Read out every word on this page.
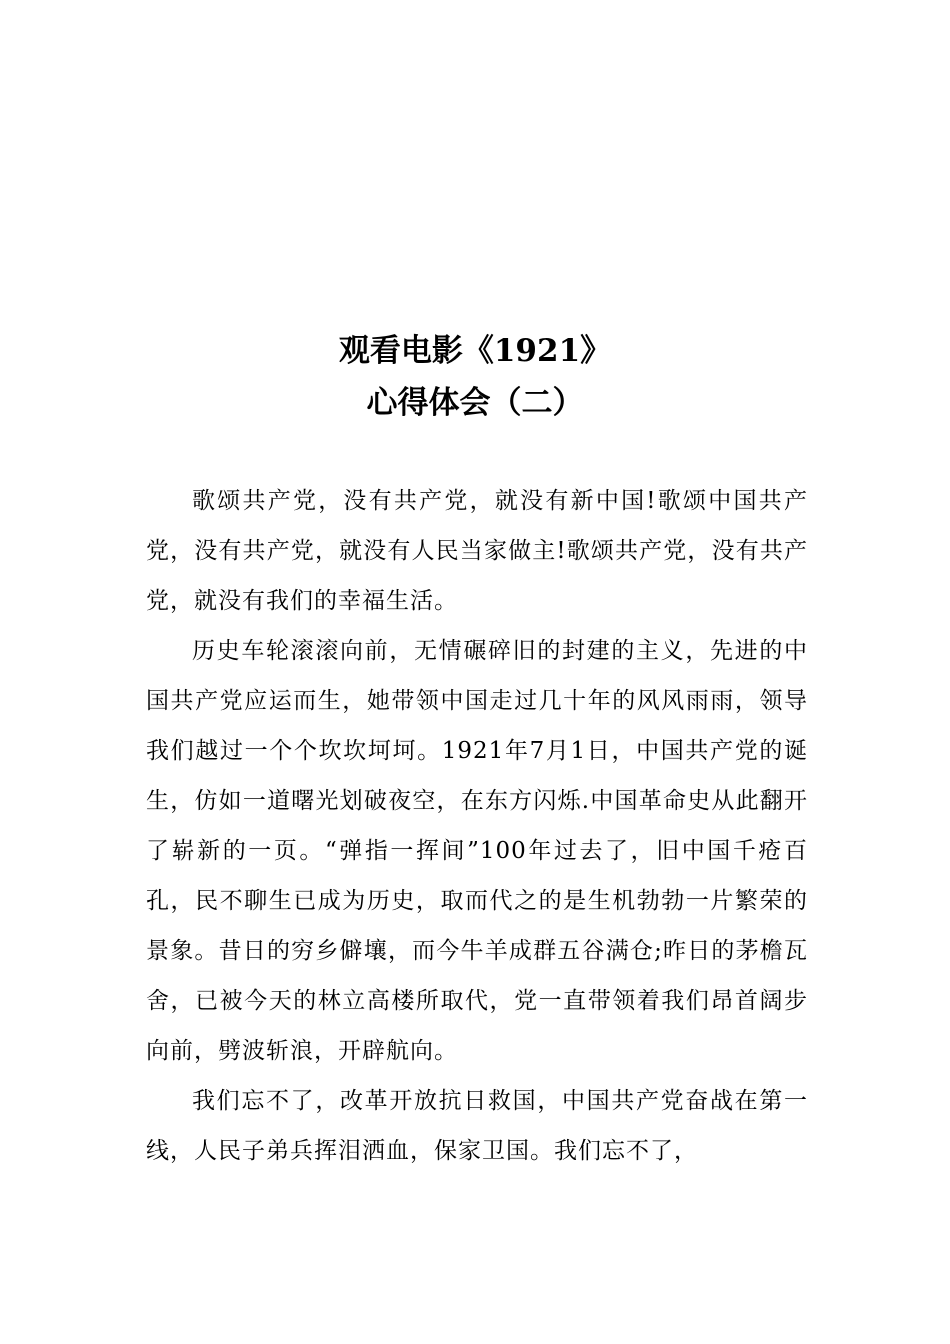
观看电影《1921》
心得体会（二）

歌颂共产党，没有共产党，就没有新中国!歌颂中国共产党，没有共产党，就没有人民当家做主!歌颂共产党，没有共产党，就没有我们的幸福生活。

历史车轮滚滚向前，无情碾碎旧的封建的主义，先进的中国共产党应运而生，她带领中国走过几十年的风风雨雨，领导我们越过一个个坎坎坷坷。1921年7月1日，中国共产党的诞生，仿如一道曙光划破夜空，在东方闪烁.中国革命史从此翻开了崭新的一页。“弹指一挥间”100年过去了，旧中国千疮百孔，民不聊生已成为历史，取而代之的是生机勃勃一片繁荣的景象。昔日的穷乡僻壤，而今牛羊成群五谷满仓;昨日的茅檐瓦舍，已被今天的林立高楼所取代，党一直带领着我们昂首阔步向前，劈波斩浪，开辟航向。

我们忘不了，改革开放抗日救国，中国共产党奋战在第一线，人民子弟兵挥泪洒血，保家卫国。我们忘不了，
